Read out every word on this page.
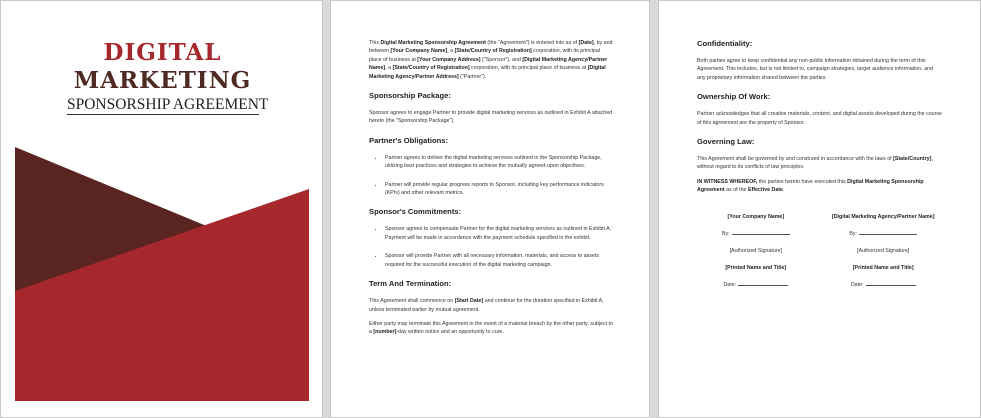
DIGITAL
MARKETING
SPONSORSHIP AGREEMENT

This Digital Marketing Sponsorship Agreement (the "Agreement") is entered into as of [Date], by and between [Your Company Name], a [State/Country of Registration] corporation, with its principal place of business at [Your Company Address] ("Sponsor"), and [Digital Marketing Agency/Partner Name], a [State/Country of Registration] corporation, with its principal place of business at [Digital Marketing Agency/Partner Address] ("Partner").

Sponsorship Package:

Sponsor agrees to engage Partner to provide digital marketing services as outlined in Exhibit A attached hereto (the "Sponsorship Package").

Partner's Obligations:
• Partner agrees to deliver the digital marketing services outlined in the Sponsorship Package, utilizing best practices and strategies to achieve the mutually agreed-upon objectives.
• Partner will provide regular progress reports to Sponsor, including key performance indicators (KPIs) and other relevant metrics.
Sponsor's Commitments:
• Sponsor agrees to compensate Partner for the digital marketing services as outlined in Exhibit A. Payment will be made in accordance with the payment schedule specified in the exhibit.
• Sponsor will provide Partner with all necessary information, materials, and access to assets required for the successful execution of the digital marketing campaign.
Term And Termination:

This Agreement shall commence on [Start Date] and continue for the duration specified in Exhibit A, unless terminated earlier by mutual agreement.

Either party may terminate this Agreement in the event of a material breach by the other party, subject to a [number]-day written notice and an opportunity to cure.

Confidentiality:

Both parties agree to keep confidential any non-public information obtained during the term of this Agreement. This includes, but is not limited to, campaign strategies, target audience information, and any proprietary information shared between the parties.

Ownership Of Work:

Partner acknowledges that all creative materials, content, and digital assets developed during the course of this agreement are the property of Sponsor.

Governing Law:

This Agreement shall be governed by and construed in accordance with the laws of [State/Country], without regard to its conflicts of law principles.

IN WITNESS WHEREOF, the parties hereto have executed this Digital Marketing Sponsorship Agreement as of the Effective Date.

[Your Company Name]
By:
[Authorized Signature]
[Printed Name and Title]
Date:
[Digital Marketing Agency/Partner Name]
By:
[Authorized Signature]
[Printed Name and Title]
Date:
